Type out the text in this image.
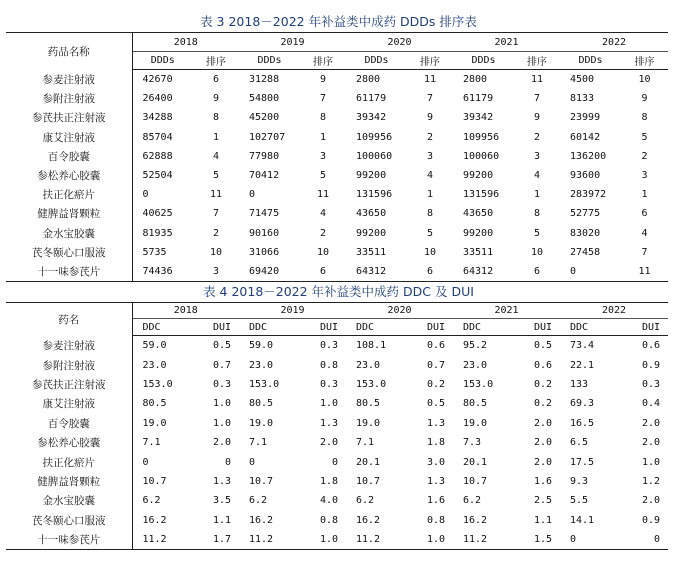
表 3 2018－2022 年补益类中成药 DDDs 排序表
药品名称	2018		2019		2020		2021		2022	
	DDDs	排序	DDDs	排序	DDDs	排序	DDDs	排序	DDDs	排序
参麦注射液	42670	6	31288	9	2800	11	2800	11	4500	10
参附注射液	26400	9	54800	7	61179	7	61179	7	8133	9
参芪扶正注射液	34288	8	45200	8	39342	9	39342	9	23999	8
康艾注射液	85704	1	102707	1	109956	2	109956	2	60142	5
百令胶囊	62888	4	77980	3	100060	3	100060	3	136200	2
参松养心胶囊	52504	5	70412	5	99200	4	99200	4	93600	3
扶正化瘀片	0	11	0	11	131596	1	131596	1	283972	1
健脾益肾颗粒	40625	7	71475	4	43650	8	43650	8	52775	6
金水宝胶囊	81935	2	90160	2	99200	5	99200	5	83020	4
芪冬颐心口服液	5735	10	31066	10	33511	10	33511	10	27458	7
十一味参芪片	74436	3	69420	6	64312	6	64312	6	0	11
表 4 2018－2022 年补益类中成药 DDC 及 DUI
药名	2018		2019		2020		2021		2022	
	DDC	DUI	DDC	DUI	DDC	DUI	DDC	DUI	DDC	DUI
参麦注射液	59.0	0.5	59.0	0.3	108.1	0.6	95.2	0.5	73.4	0.6
参附注射液	23.0	0.7	23.0	0.8	23.0	0.7	23.0	0.6	22.1	0.9
参芪扶正注射液	153.0	0.3	153.0	0.3	153.0	0.2	153.0	0.2	133	0.3
康艾注射液	80.5	1.0	80.5	1.0	80.5	0.5	80.5	0.2	69.3	0.4
百令胶囊	19.0	1.0	19.0	1.3	19.0	1.3	19.0	2.0	16.5	2.0
参松养心胶囊	7.1	2.0	7.1	2.0	7.1	1.8	7.3	2.0	6.5	2.0
扶正化瘀片	0	0	0	0	20.1	3.0	20.1	2.0	17.5	1.0
健脾益肾颗粒	10.7	1.3	10.7	1.8	10.7	1.3	10.7	1.6	9.3	1.2
金水宝胶囊	6.2	3.5	6.2	4.0	6.2	1.6	6.2	2.5	5.5	2.0
芪冬颐心口服液	16.2	1.1	16.2	0.8	16.2	0.8	16.2	1.1	14.1	0.9
十一味参芪片	11.2	1.7	11.2	1.0	11.2	1.0	11.2	1.5	0	0
